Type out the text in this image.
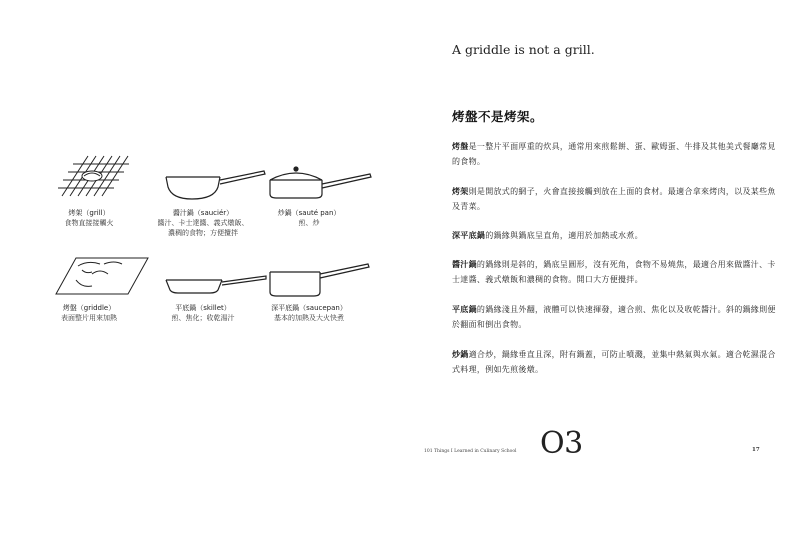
烤架（grill）
食物直接接觸火
醬汁鍋（sauciér）
醬汁、卡士達醬、義式燉飯、
濃稠的食物；方便攪拌
炒鍋（sauté pan）
煎、炒
烤盤（griddle）
表面整片用來加熱
平底鍋（skillet）
煎、焦化；收乾湯汁
深平底鍋（saucepan）
基本的加熱及大火快煮
A griddle is not a grill.
烤盤不是烤架。
烤盤是一整片平面厚重的炊具，通常用來煎鬆餅、蛋、歐姆蛋、牛排及其他美式餐廳常見的食物。
烤架則是開放式的網子，火會直接接觸到放在上面的食材。最適合拿來烤肉，以及某些魚及青菜。
深平底鍋的鍋緣與鍋底呈直角，適用於加熱或水煮。
醬汁鍋的鍋緣則是斜的，鍋底呈圓形，沒有死角，食物不易燒焦，最適合用來做醬汁、卡士達醬、義式燉飯和濃稠的食物。開口大方便攪拌。
平底鍋的鍋緣淺且外翻，液體可以快速揮發，適合煎、焦化以及收乾醬汁。斜的鍋緣則便於翻面和倒出食物。
炒鍋適合炒，鍋緣垂直且深，附有鍋蓋，可防止噴濺，並集中熱氣與水氣。適合乾濕混合式料理，例如先煎後燉。
101 Things I Learned in Culinary School O3	17
